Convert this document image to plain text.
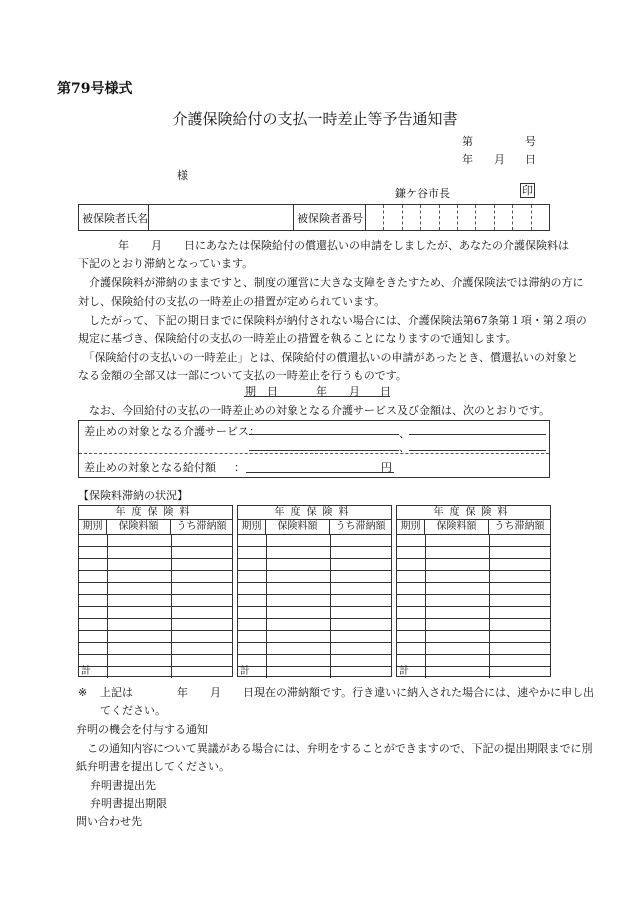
第79号様式
介護保険給付の支払一時差止等予告通知書
第	号
年 月 日
様
鎌ケ谷市長	印
被保険者氏名	被保険者番号
年　　月　　日にあなたは保険給付の償還払いの申請をしましたが、あなたの介護保険料は
下記のとおり滞納となっています。
　介護保険料が滞納のままですと、制度の運営に大きな支障をきたすため、介護保険法では滞納の方に
対し、保険給付の支払の一時差止の措置が定められています。
　したがって、下記の期日までに保険料が納付されない場合には、介護保険法第67条第１項・第２項の
規定に基づき、保険給付の支払の一時差止の措置を執ることになりますので通知します。
　「保険給付の支払いの一時差止」とは、保険給付の償還払いの申請があったとき、償還払いの対象と
なる金額の全部又は一部について支払の一時差止を行うものです。
期　日	年 月 日
　なお、今回給付の支払の一時差止めの対象となる介護サービス及び金額は、次のとおりです。
差止めの対象となる介護サービス：
、
、
差止めの対象となる給付額 ：	円
【保険料滞納の状況】
年度保険料
期別	保険料額	うち滞納額
計
年度保険料
期別	保険料額	うち滞納額
計
年度保険料
期別	保険料額	うち滞納額
計
※ 上記は　　　　年　　月　　日現在の滞納額です。行き違いに納入された場合には、速やかに申し出
てください。
弁明の機会を付与する通知
　この通知内容について異議がある場合には、弁明をすることができますので、下記の提出期限までに別
紙弁明書を提出してください。
弁明書提出先
弁明書提出期限
問い合わせ先
